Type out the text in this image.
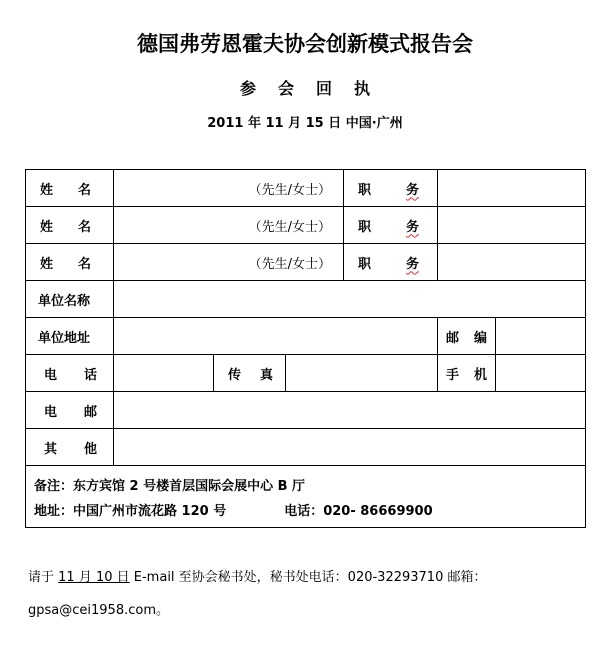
德国弗劳恩霍夫协会创新模式报告会
参会回执
2011 年 11 月 15 日 中国·广州
姓 名	（先生/女士）			职 务		
姓 名	（先生/女士）			职 务		
姓 名	（先生/女士）			职 务		
单位名称						
单位地址					邮 编	
电 话		传 真			手 机	
电 邮						
其 他						

备注：东方宾馆 2 号楼首层国际会展中心 B 厅
地址：中国广州市流花路 120 号 电话：020- 86669900						
请于 11 月 10 日 E-mail 至协会秘书处，秘书处电话：020-32293710 邮箱：
gpsa@cei1958.com。
